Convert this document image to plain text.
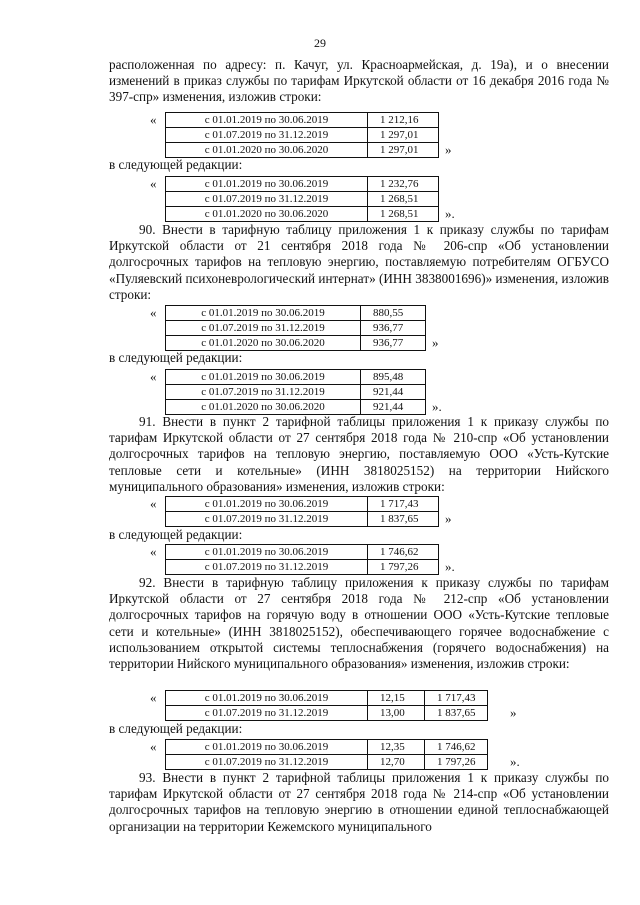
29
расположенная по адресу: п. Качуг, ул. Красноармейская, д. 19а), и о внесении изменений в приказ службы по тарифам Иркутской области от 16 декабря 2016 года № 397-спр» изменения, изложив строки:
«	с 01.01.2019 по 30.06.2019	1 212,16
с 01.07.2019 по 31.12.2019	1 297,01
с 01.01.2020 по 30.06.2020	1 297,01 »
в следующей редакции:
«	с 01.01.2019 по 30.06.2019	1 232,76
с 01.07.2019 по 31.12.2019	1 268,51
с 01.01.2020 по 30.06.2020	1 268,51 ».
90. Внести в тарифную таблицу приложения 1 к приказу службы по тарифам Иркутской области от 21 сентября 2018 года № 206-спр «Об установлении долгосрочных тарифов на тепловую энергию, поставляемую потребителям ОГБУСО «Пуляевский психоневрологический интернат» (ИНН 3838001696)» изменения, изложив строки:
«	с 01.01.2019 по 30.06.2019	880,55
с 01.07.2019 по 31.12.2019	936,77
с 01.01.2020 по 30.06.2020	936,77 »
в следующей редакции:
«	с 01.01.2019 по 30.06.2019	895,48
с 01.07.2019 по 31.12.2019	921,44
с 01.01.2020 по 30.06.2020	921,44 ».
91. Внести в пункт 2 тарифной таблицы приложения 1 к приказу службы по тарифам Иркутской области от 27 сентября 2018 года № 210-спр «Об установлении долгосрочных тарифов на тепловую энергию, поставляемую ООО «Усть-Кутские тепловые сети и котельные» (ИНН 3818025152) на территории Нийского муниципального образования» изменения, изложив строки:
«	с 01.01.2019 по 30.06.2019	1 717,43
с 01.07.2019 по 31.12.2019	1 837,65 »
в следующей редакции:
«	с 01.01.2019 по 30.06.2019	1 746,62
с 01.07.2019 по 31.12.2019	1 797,26 ».
92. Внести в тарифную таблицу приложения к приказу службы по тарифам Иркутской области от 27 сентября 2018 года № 212-спр «Об установлении долгосрочных тарифов на горячую воду в отношении ООО «Усть-Кутские тепловые сети и котельные» (ИНН 3818025152), обеспечивающего горячее водоснабжение с использованием открытой системы теплоснабжения (горячего водоснабжения) на территории Нийского муниципального образования» изменения, изложив строки:
«	с 01.01.2019 по 30.06.2019	12,15	1 717,43
с 01.07.2019 по 31.12.2019	13,00	1 837,65	»
в следующей редакции:
«	с 01.01.2019 по 30.06.2019	12,35	1 746,62
с 01.07.2019 по 31.12.2019	12,70	1 797,26	».
93. Внести в пункт 2 тарифной таблицы приложения 1 к приказу службы по тарифам Иркутской области от 27 сентября 2018 года № 214-спр «Об установлении долгосрочных тарифов на тепловую энергию в отношении единой теплоснабжающей организации на территории Кежемского муниципального
